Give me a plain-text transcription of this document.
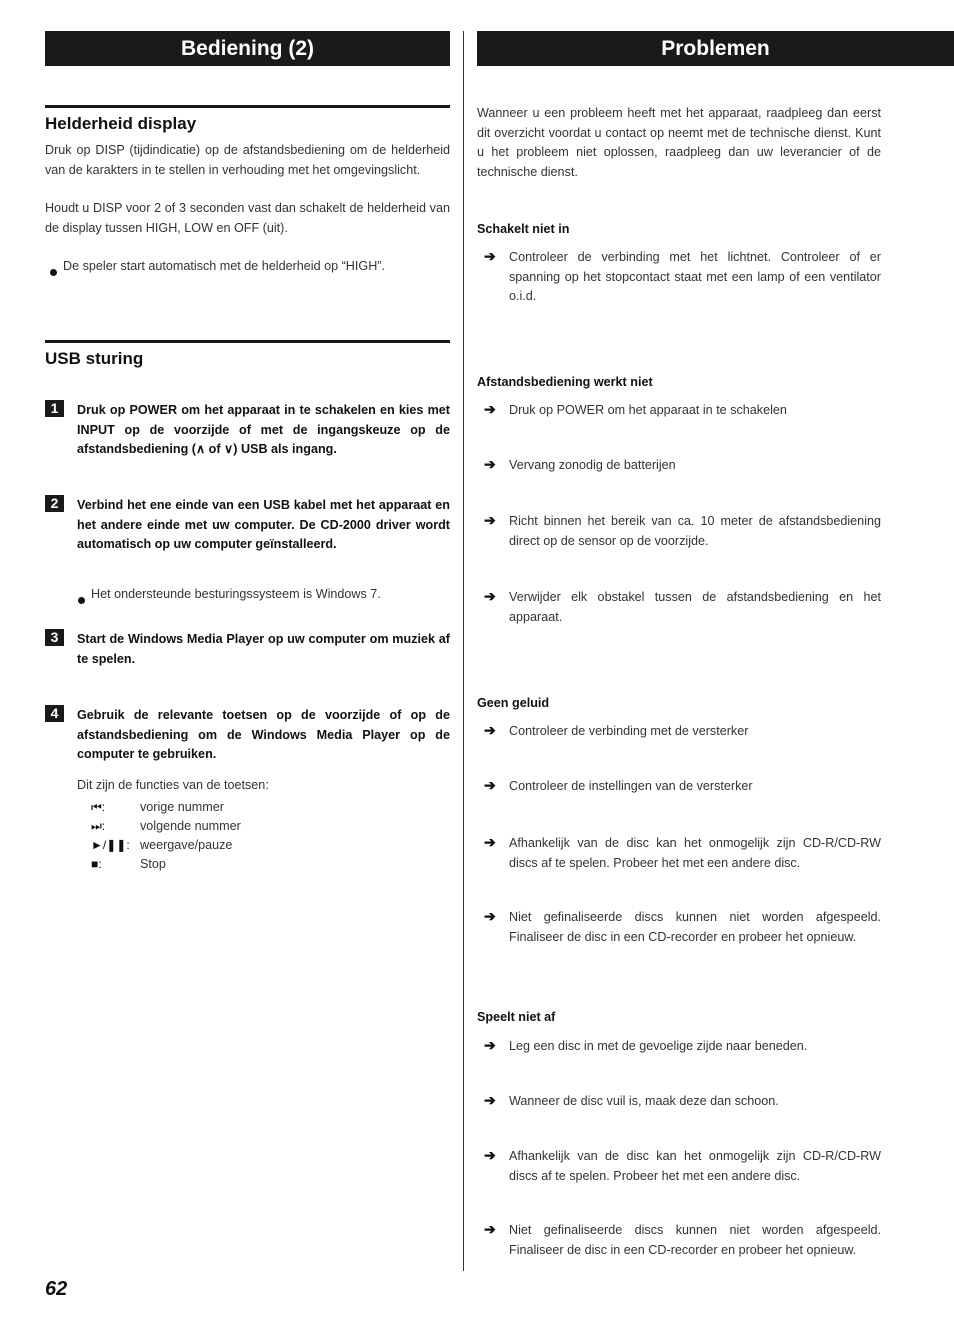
Bediening (2)
Helderheid display
Druk op DISP (tijdindicatie) op de afstandsbediening om de helderheid van de karakters in te stellen in verhouding met het omgevingslicht.
Houdt u DISP voor 2 of 3 seconden vast dan schakelt de helderheid van de display tussen HIGH, LOW en OFF (uit).
De speler start automatisch met de helderheid op “HIGH”.
USB sturing
1	Druk op POWER om het apparaat in te schakelen en kies met INPUT op de voorzijde of met de ingangskeuze op de afstandsbediening (∧ of ∨) USB als ingang.
2	Verbind het ene einde van een USB kabel met het apparaat en het andere einde met uw computer. De CD-2000 driver wordt automatisch op uw computer geïnstalleerd.
Het ondersteunde besturingssysteem is Windows 7.
3	Start de Windows Media Player op uw computer om muziek af te spelen.
4	Gebruik de relevante toetsen op de voorzijde of op de afstandsbediening om de Windows Media Player op de computer te gebruiken.
Dit zijn de functies van de toetsen:
⏮:	vorige nummer
⏭:	volgende nummer
►/❚❚: weergave/pauze
■:	Stop
62
Problemen
Wanneer u een probleem heeft met het apparaat, raadpleeg dan eerst dit overzicht voordat u contact op neemt met de technische dienst. Kunt u het probleem niet oplossen, raadpleeg dan uw leverancier of de technische dienst.
Schakelt niet in
➔ Controleer de verbinding met het lichtnet. Controleer of er spanning op het stopcontact staat met een lamp of een ventilator o.i.d.
Afstandsbediening werkt niet
➔ Druk op POWER om het apparaat in te schakelen
➔ Vervang zonodig de batterijen
➔ Richt binnen het bereik van ca. 10 meter de afstandsbediening direct op de sensor op de voorzijde.
➔ Verwijder elk obstakel tussen de afstandsbediening en het apparaat.
Geen geluid
➔ Controleer de verbinding met de versterker
➔ Controleer de instellingen van de versterker
➔ Afhankelijk van de disc kan het onmogelijk zijn CD-R/CD-RW discs af te spelen. Probeer het met een andere disc.
➔ Niet gefinaliseerde discs kunnen niet worden afgespeeld. Finaliseer de disc in een CD-recorder en probeer het opnieuw.
Speelt niet af
➔ Leg een disc in met de gevoelige zijde naar beneden.
➔ Wanneer de disc vuil is, maak deze dan schoon.
➔ Afhankelijk van de disc kan het onmogelijk zijn CD-R/CD-RW discs af te spelen. Probeer het met een andere disc.
➔ Niet gefinaliseerde discs kunnen niet worden afgespeeld. Finaliseer de disc in een CD-recorder en probeer het opnieuw.
